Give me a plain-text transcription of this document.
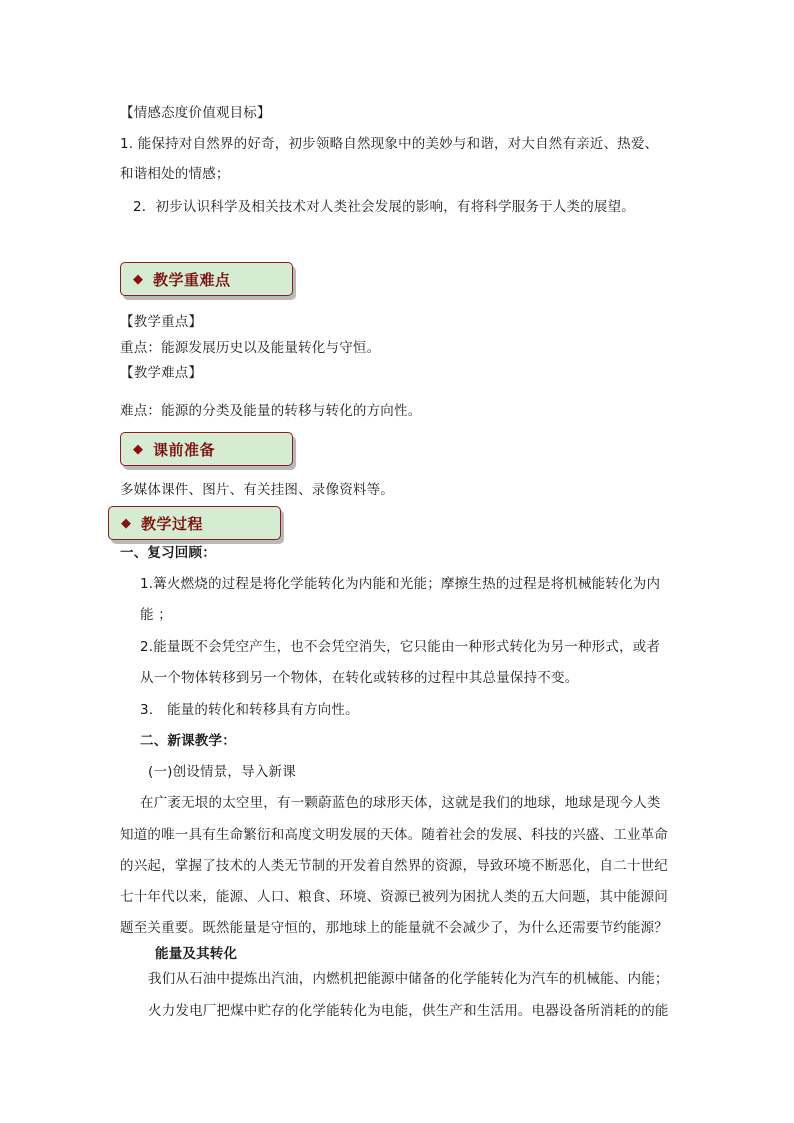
【情感态度价值观目标】
1. 能保持对自然界的好奇，初步领略自然现象中的美妙与和谐，对大自然有亲近、热爱、
和谐相处的情感；
2．初步认识科学及相关技术对人类社会发展的影响，有将科学服务于人类的展望。
◆ 教学重难点
【教学重点】
重点：能源发展历史以及能量转化与守恒。
【教学难点】
难点：能源的分类及能量的转移与转化的方向性。
◆ 课前准备
多媒体课件、图片、有关挂图、录像资料等。
◆ 教学过程
一、复习回顾：
1.篝火燃烧的过程是将化学能转化为内能和光能；摩擦生热的过程是将机械能转化为内
能 ；
2.能量既不会凭空产生，也不会凭空消失，它只能由一种形式转化为另一种形式，或者
从一个物体转移到另一个物体，在转化或转移的过程中其总量保持不变。
3.　能量的转化和转移具有方向性。
二、新课教学：
(一)创设情景，导入新课
在广袤无垠的太空里，有一颗蔚蓝色的球形天体，这就是我们的地球，地球是现今人类
知道的唯一具有生命繁衍和高度文明发展的天体。随着社会的发展、科技的兴盛、工业革命
的兴起，掌握了技术的人类无节制的开发着自然界的资源，导致环境不断恶化，自二十世纪
七十年代以来，能源、人口、粮食、环境、资源已被列为困扰人类的五大问题，其中能源问
题至关重要。既然能量是守恒的，那地球上的能量就不会减少了，为什么还需要节约能源？
能量及其转化
我们从石油中提炼出汽油，内燃机把能源中储备的化学能转化为汽车的机械能、内能；
火力发电厂把煤中贮存的化学能转化为电能，供生产和生活用。电器设备所消耗的的能
